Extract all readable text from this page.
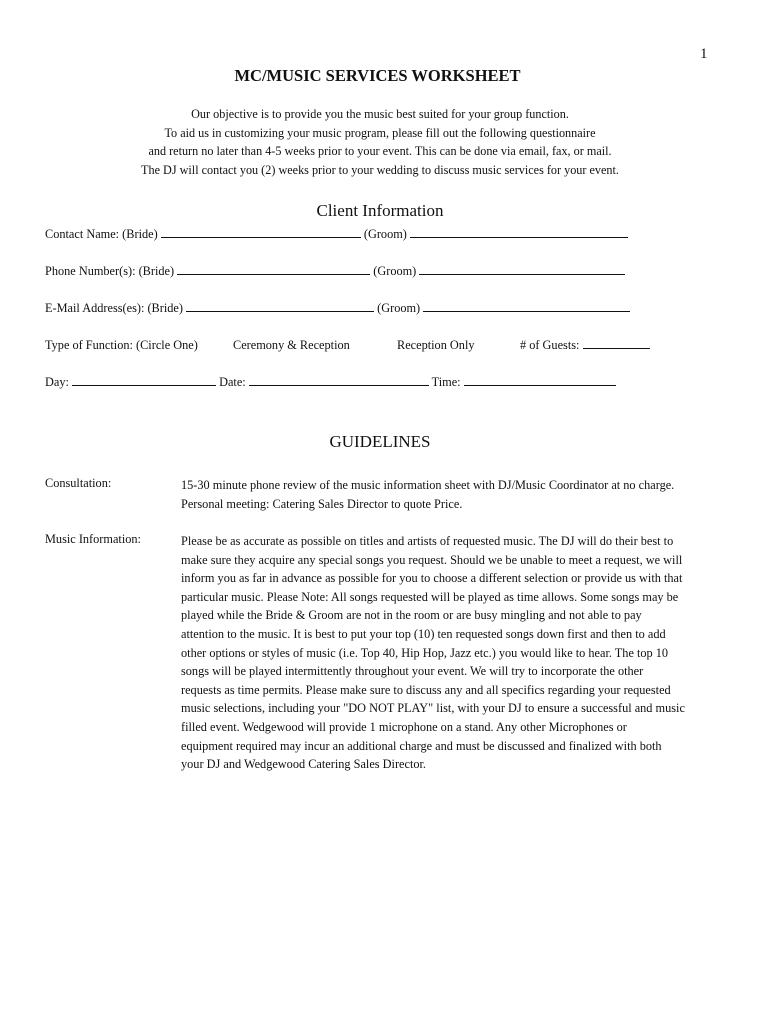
1
MC/MUSIC SERVICES WORKSHEET
Our objective is to provide you the music best suited for your group function.
To aid us in customizing your music program, please fill out the following questionnaire
and return no later than 4-5 weeks prior to your event. This can be done via email, fax, or mail.
The DJ will contact you (2) weeks prior to your wedding to discuss music services for your event.
Client Information
Contact Name: (Bride)	(Groom)
Phone Number(s): (Bride)	(Groom)
E-Mail Address(es): (Bride)	(Groom)
Type of Function: (Circle One)	Ceremony & Reception	Reception Only	# of Guests:
Day:	Date:	Time:
GUIDELINES
Consultation:	15-30 minute phone review of the music information sheet with DJ/Music Coordinator at no charge.
Personal meeting: Catering Sales Director to quote Price.
Music Information:	Please be as accurate as possible on titles and artists of requested music. The DJ will do their best to
make sure they acquire any special songs you request. Should we be unable to meet a request, we will
inform you as far in advance as possible for you to choose a different selection or provide us with that
particular music. Please Note: All songs requested will be played as time allows. Some songs may be
played while the Bride & Groom are not in the room or are busy mingling and not able to pay
attention to the music. It is best to put your top (10) ten requested songs down first and then to add
other options or styles of music (i.e. Top 40, Hip Hop, Jazz etc.) you would like to hear. The top 10
songs will be played intermittently throughout your event. We will try to incorporate the other
requests as time permits. Please make sure to discuss any and all specifics regarding your requested
music selections, including your "DO NOT PLAY" list, with your DJ to ensure a successful and music
filled event. Wedgewood will provide 1 microphone on a stand. Any other Microphones or
equipment required may incur an additional charge and must be discussed and finalized with both
your DJ and Wedgewood Catering Sales Director.
